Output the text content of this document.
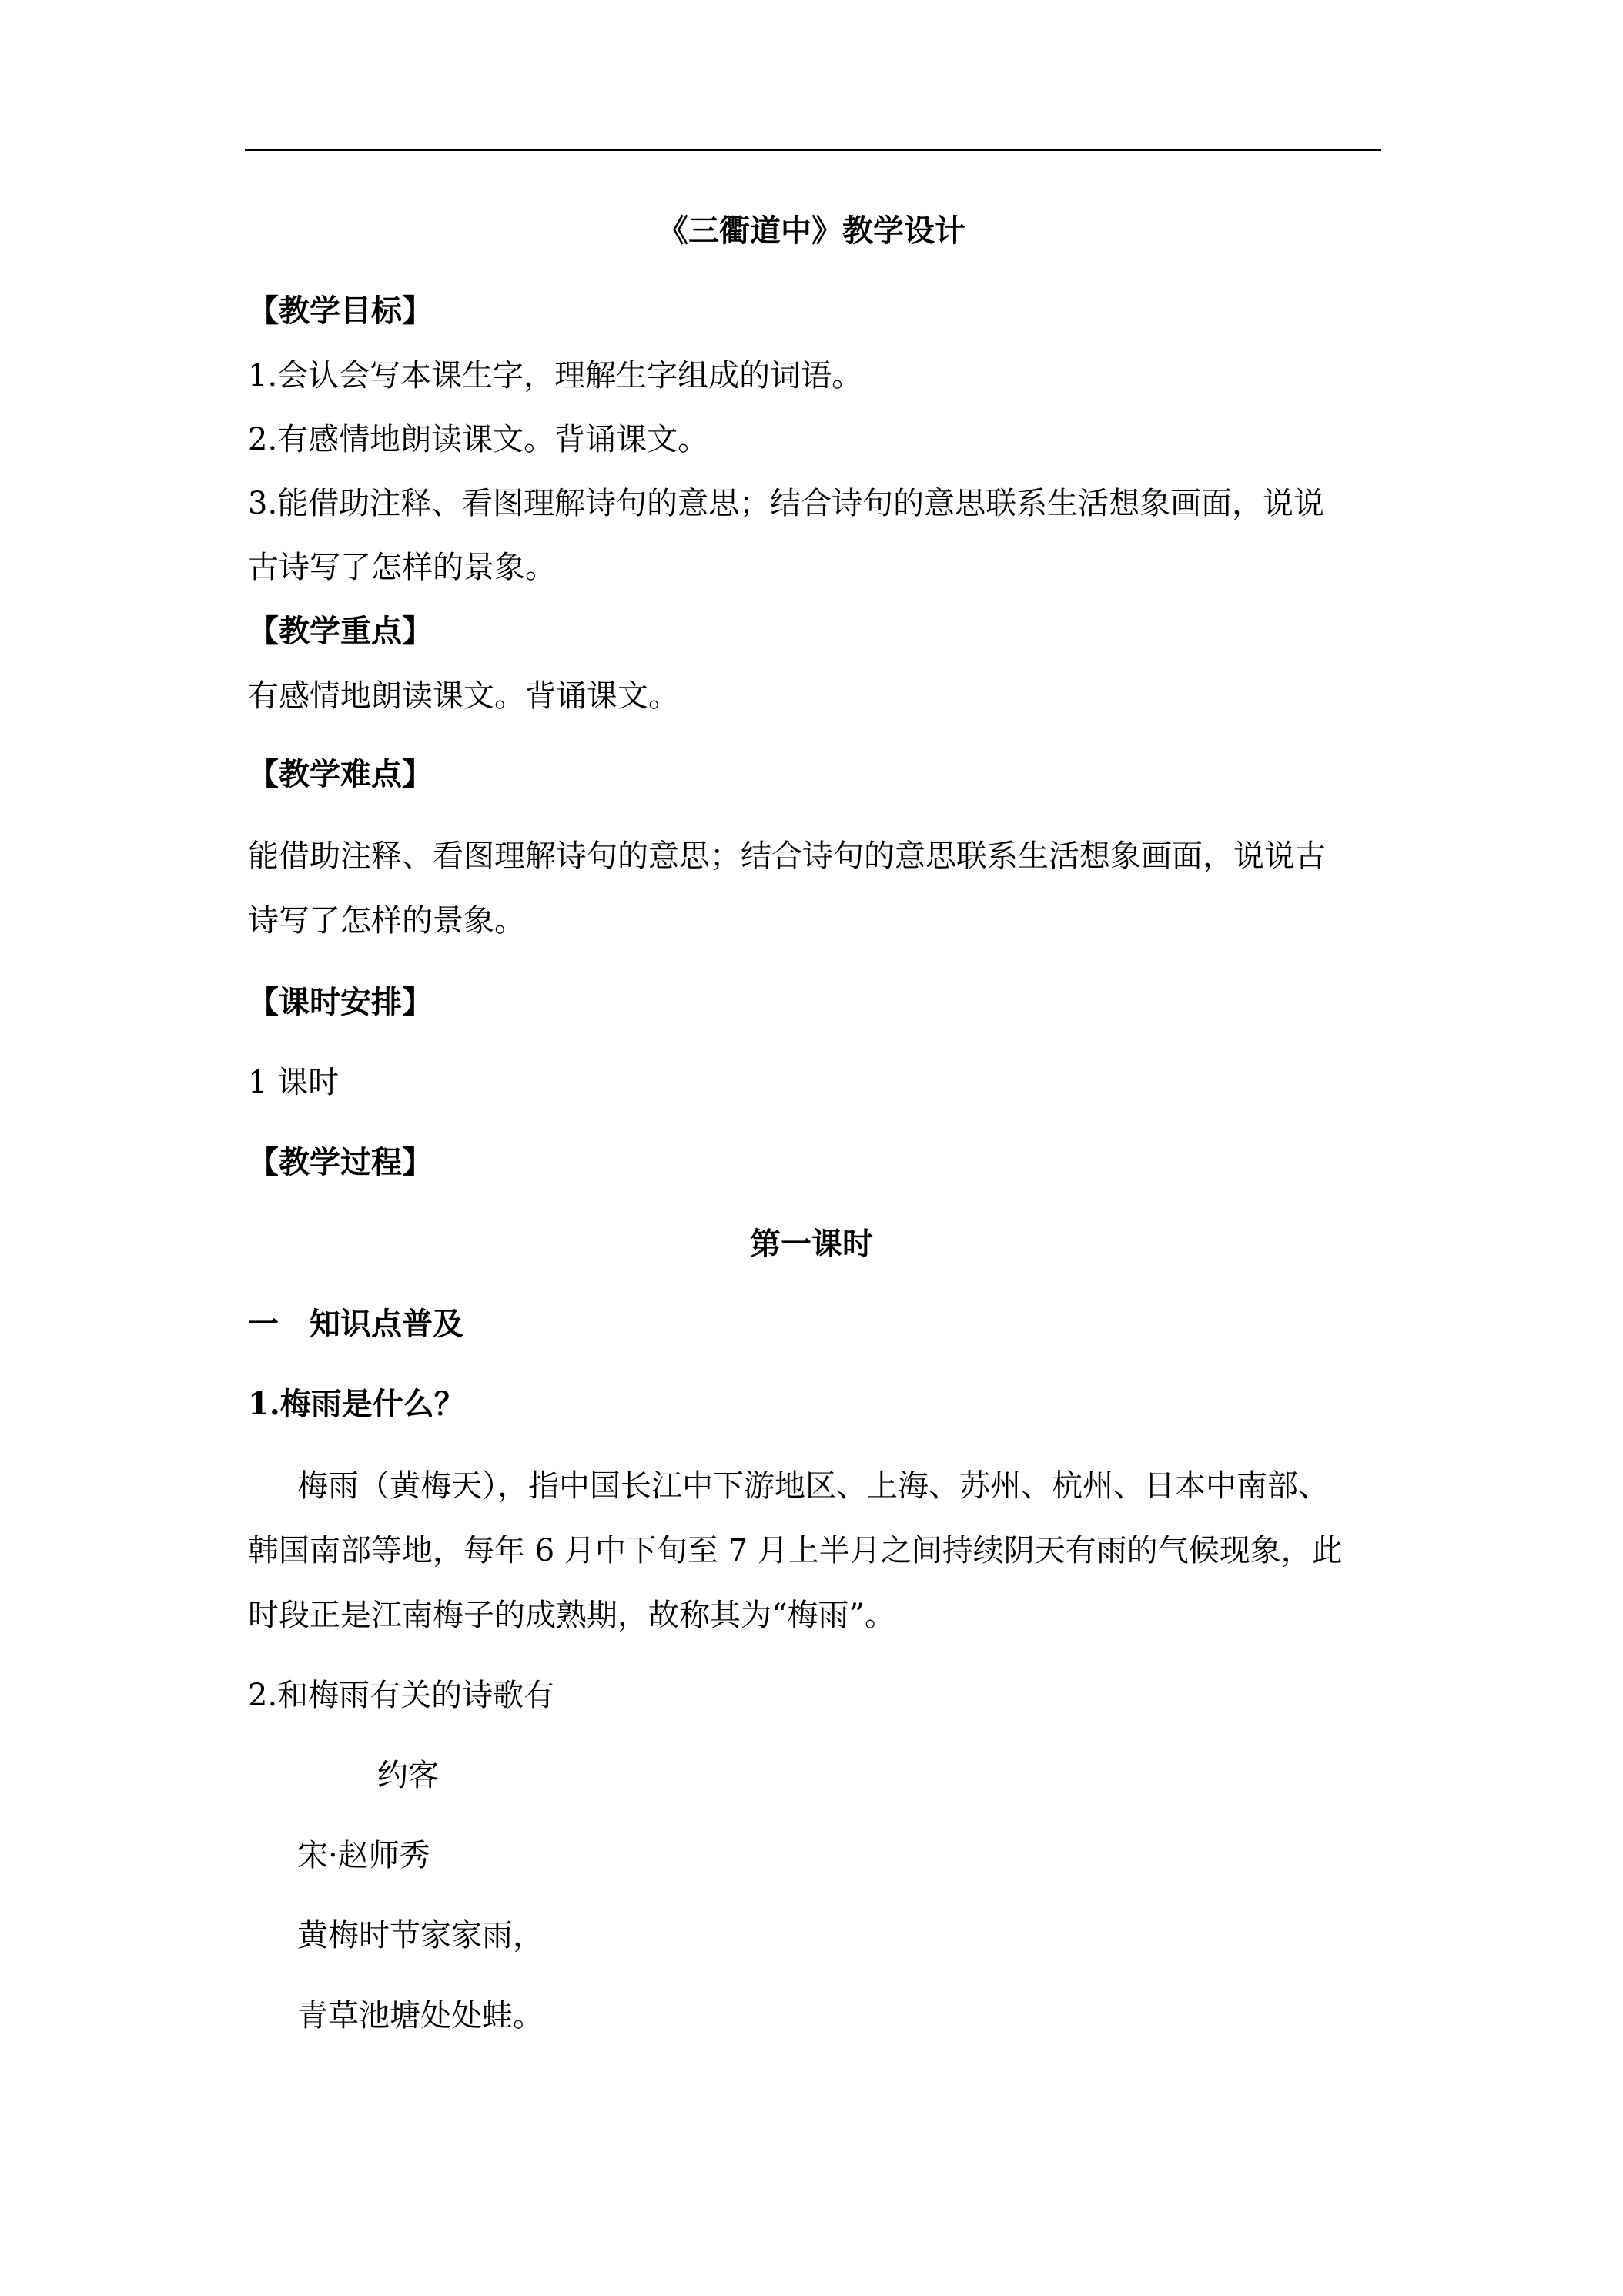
《三衢道中》教学设计
【教学目标】
1.会认会写本课生字，理解生字组成的词语。
2.有感情地朗读课文。背诵课文。
3.能借助注释、看图理解诗句的意思；结合诗句的意思联系生活想象画面，说说
古诗写了怎样的景象。
【教学重点】
有感情地朗读课文。背诵课文。
【教学难点】
能借助注释、看图理解诗句的意思；结合诗句的意思联系生活想象画面，说说古
诗写了怎样的景象。
【课时安排】
1 课时
【教学过程】
第一课时
一　知识点普及
1.梅雨是什么？
梅雨（黄梅天），指中国长江中下游地区、上海、苏州、杭州、日本中南部、
韩国南部等地，每年 6 月中下旬至 7 月上半月之间持续阴天有雨的气候现象，此
时段正是江南梅子的成熟期，故称其为“梅雨”。
2.和梅雨有关的诗歌有
约客
宋·赵师秀
黄梅时节家家雨，
青草池塘处处蛙。
